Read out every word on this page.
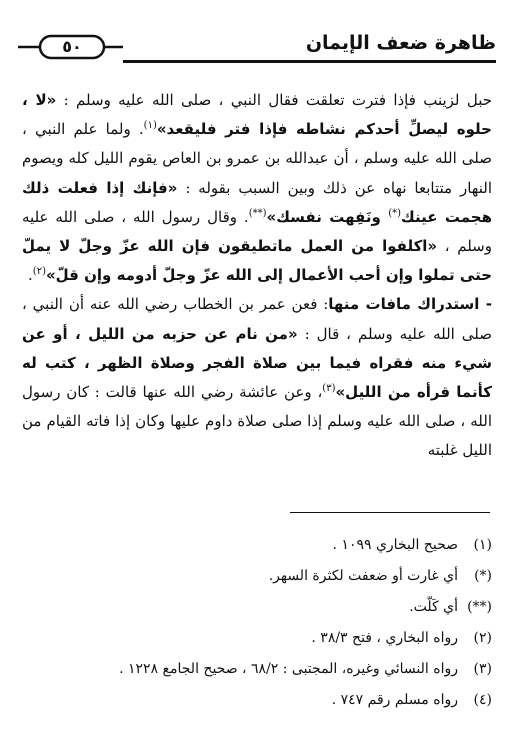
ظاهرة ضعف الإيمان
٥٠

حبل لزينب فإذا فترت تعلقت فقال النبي ، صلى الله عليه وسلم : «لا ، حلوه ليصلِّ أحدكم نشاطه فإذا فتر فليقعد»$^{(١)}$. ولما علم النبي ، صلى الله عليه وسلم ، أن عبدالله بن عمرو بن العاص يقوم الليل كله ويصوم النهار متتابعا نهاه عن ذلك وبين السبب بقوله : «فإنك إذا فعلت ذلك هجمت عينك(*) ونَفِهت نفسك»(**). وقال رسول الله ، صلى الله عليه وسلم ، «اكلفوا من العمل ماتطيقون فإن الله عزّ وجلّ لا يملّ حتى تملوا وإن أحب الأعمال إلى الله عزّ وجلّ أدومه وإن قلّ»$^{(٢)}$.

- استدراك مافات منها: فعن عمر بن الخطاب رضي الله عنه أن النبي ، صلى الله عليه وسلم ، قال : «من نام عن حزبه من الليل ، أو عن شيء منه فقراه فيما بين صلاة الفجر وصلاة الظهر ، كتب له كأنما قرأه من الليل»$^{(٣)}$، وعن عائشة رضي الله عنها قالت : كان رسول الله ، صلى الله عليه وسلم إذا صلى صلاة داوم عليها وكان إذا فاته القيام من الليل غلبته

(١)صحيح البخاري ١٠٩٩ .
(*)أي غارت أو ضعفت لكثرة السهر.
(**)أي كَلّت.
(٢)رواه البخاري ، فتح ٣٨/٣ .
(٣)رواه النسائي وغيره، المجتبى : ٦٨/٢ ، صحيح الجامع ١٢٢٨ .
(٤)رواه مسلم رقم ٧٤٧ .
